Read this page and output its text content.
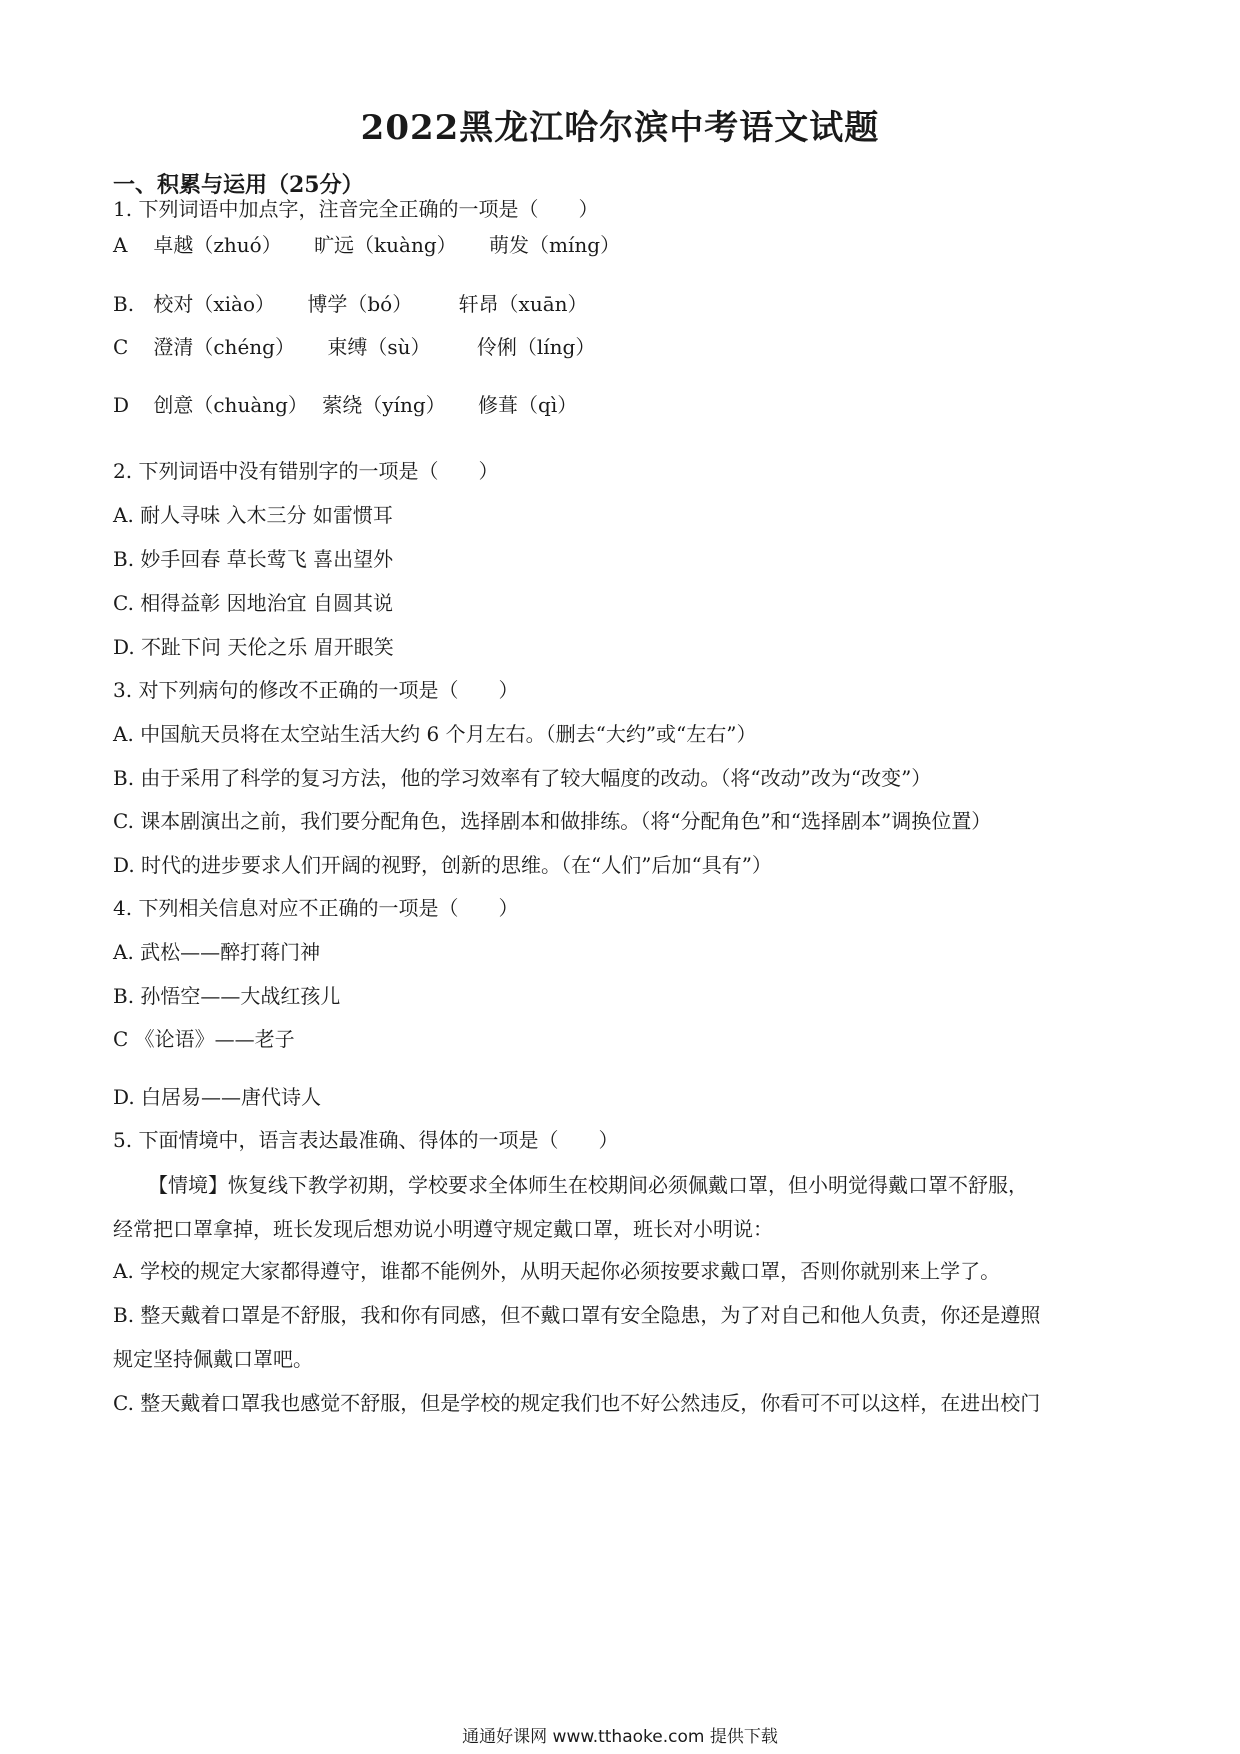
2022黑龙江哈尔滨中考语文试题
一、积累与运用（25分）
1. 下列词语中加点字，注音完全正确的一项是（　　）
A 卓越（zhuó） 旷远（kuàng） 萌发（míng）
B. 校对（xiào） 博学（bó） 轩昂（xuān）
C 澄清（chéng） 束缚（sù） 伶俐（líng）
D 创意（chuàng） 萦绕（yíng） 修葺（qì）
2. 下列词语中没有错别字的一项是（　　）
A. 耐人寻味 入木三分 如雷惯耳
B. 妙手回春 草长莺飞 喜出望外
C. 相得益彰 因地治宜 自圆其说
D. 不趾下问 天伦之乐 眉开眼笑
3. 对下列病句的修改不正确的一项是（　　）
A. 中国航天员将在太空站生活大约 6 个月左右。（删去“大约”或“左右”）
B. 由于采用了科学的复习方法，他的学习效率有了较大幅度的改动。（将“改动”改为“改变”）
C. 课本剧演出之前，我们要分配角色，选择剧本和做排练。（将“分配角色”和“选择剧本”调换位置）
D. 时代的进步要求人们开阔的视野，创新的思维。（在“人们”后加“具有”）
4. 下列相关信息对应不正确的一项是（　　）
A. 武松——醉打蒋门神
B. 孙悟空——大战红孩儿
C 《论语》——老子
D. 白居易——唐代诗人
5. 下面情境中，语言表达最准确、得体的一项是（　　）
【情境】恢复线下教学初期，学校要求全体师生在校期间必须佩戴口罩，但小明觉得戴口罩不舒服，
经常把口罩拿掉，班长发现后想劝说小明遵守规定戴口罩，班长对小明说：
A. 学校的规定大家都得遵守，谁都不能例外，从明天起你必须按要求戴口罩，否则你就别来上学了。
B. 整天戴着口罩是不舒服，我和你有同感，但不戴口罩有安全隐患，为了对自己和他人负责，你还是遵照
规定坚持佩戴口罩吧。
C. 整天戴着口罩我也感觉不舒服，但是学校的规定我们也不好公然违反，你看可不可以这样，在进出校门
通通好课网 www.tthaoke.com 提供下载
